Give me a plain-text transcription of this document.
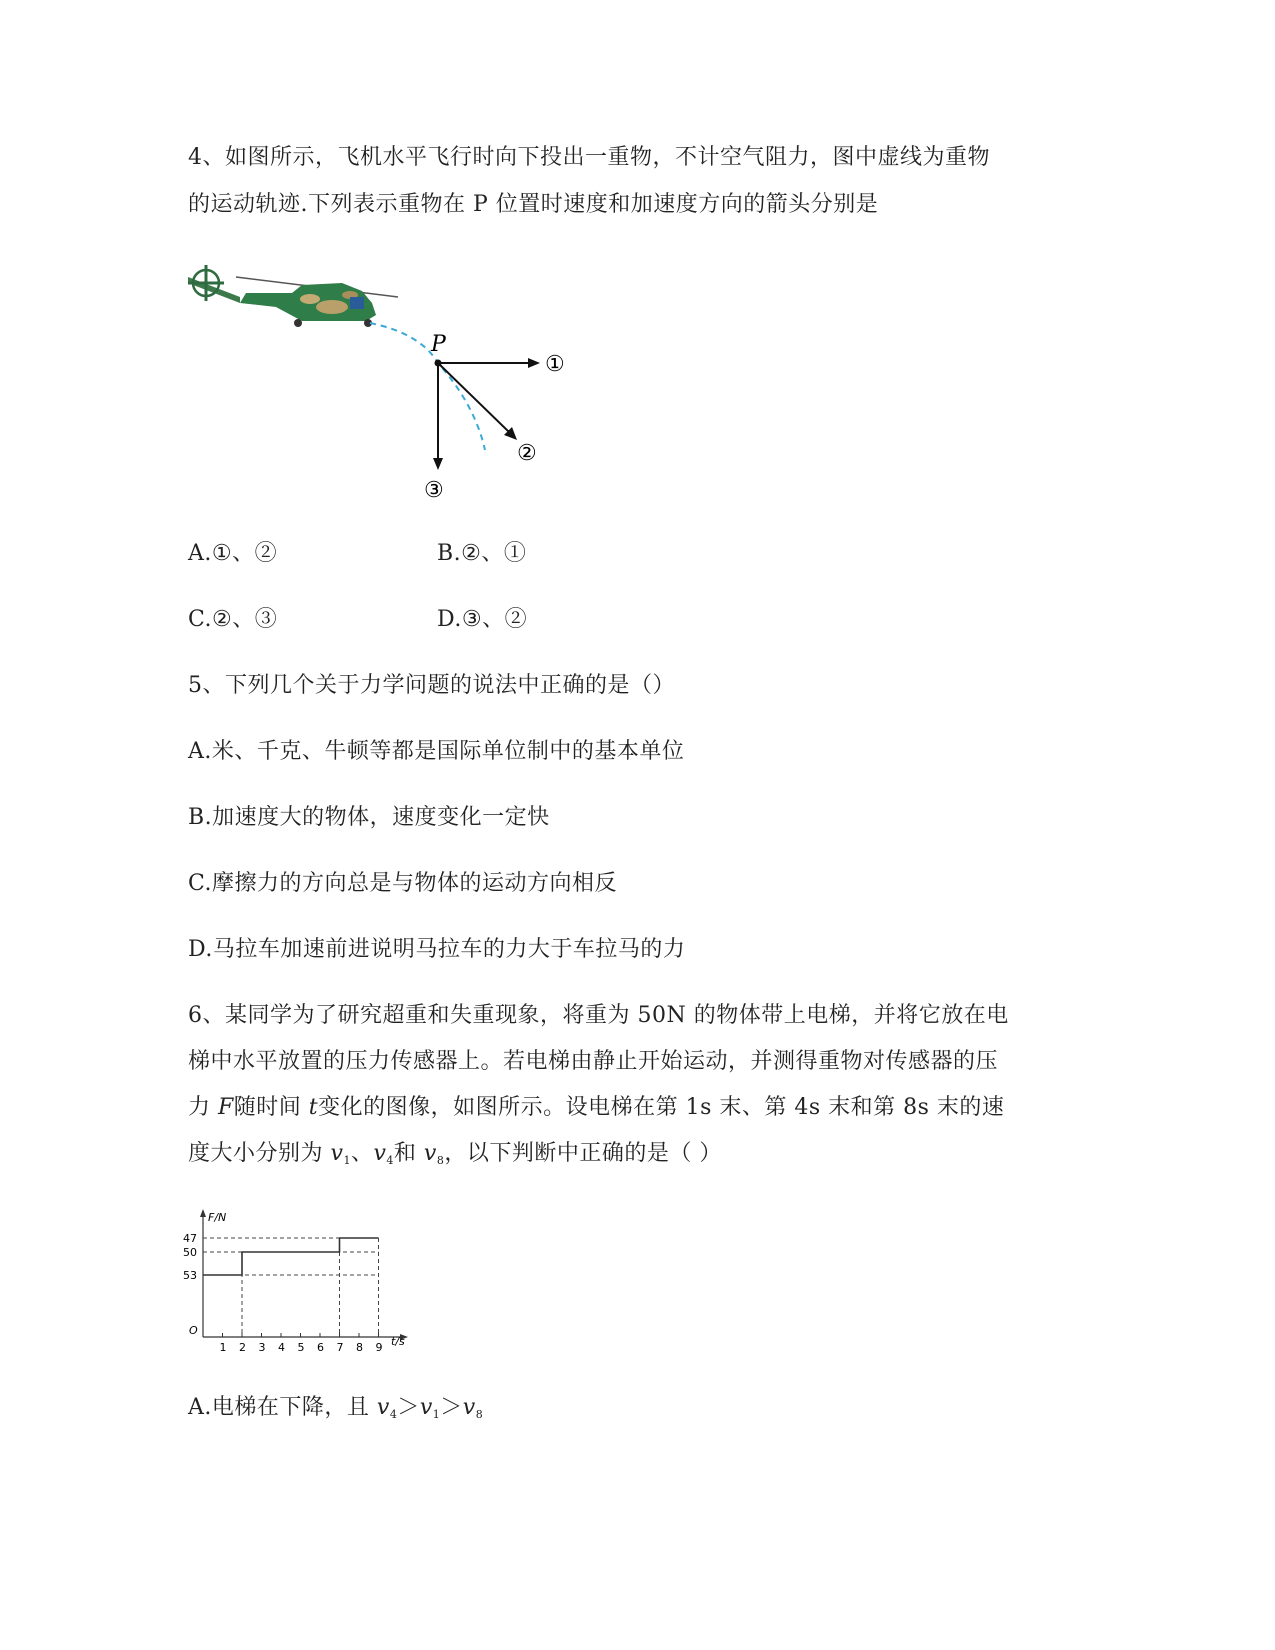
4、如图所示，飞机水平飞行时向下投出一重物，不计空气阻力，图中虚线为重物
的运动轨迹.下列表示重物在 P 位置时速度和加速度方向的箭头分别是
P
①
②
③
A.①、②	B.②、①
C.②、③	D.③、②
5、下列几个关于力学问题的说法中正确的是（）
A.米、千克、牛顿等都是国际单位制中的基本单位
B.加速度大的物体，速度变化一定快
C.摩擦力的方向总是与物体的运动方向相反
D.马拉车加速前进说明马拉车的力大于车拉马的力
6、某同学为了研究超重和失重现象，将重为 50N 的物体带上电梯，并将它放在电
梯中水平放置的压力传感器上。若电梯由静止开始运动，并测得重物对传感器的压
力 F随时间 t变化的图像，如图所示。设电梯在第 1s 末、第 4s 末和第 8s 末的速
度大小分别为 $v_1$、$v_4$和 $v_8$，以下判断中正确的是（ ）
F/N
t/s
O
47
50
53
1 2 3 4 5 6 7 8 9
A.电梯在下降，且 $v_4>v_1>v_8$
